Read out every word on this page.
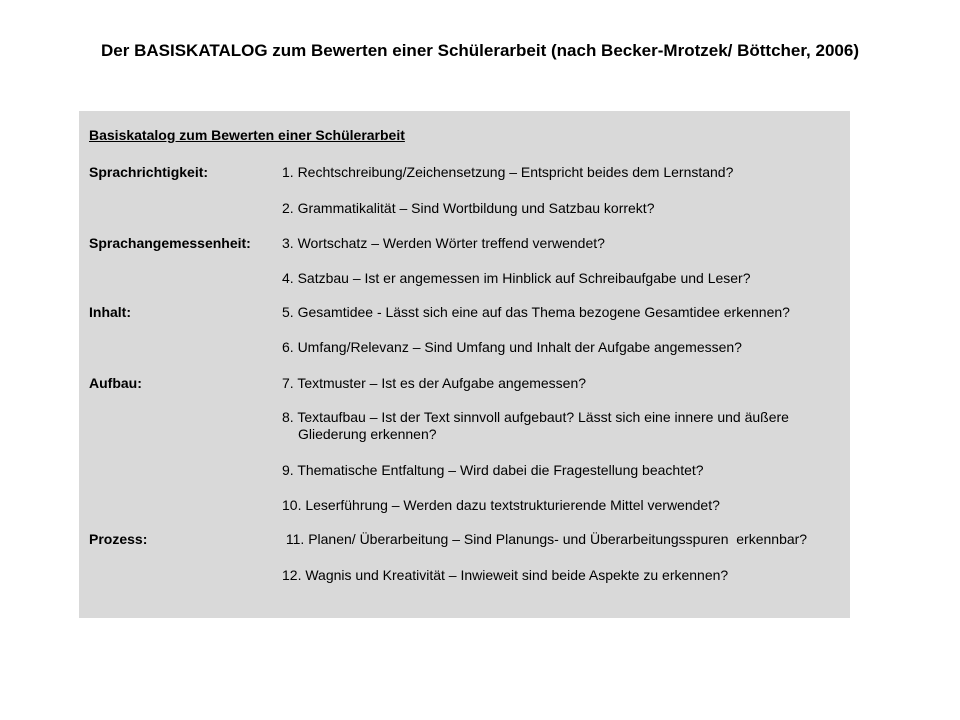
Der BASISKATALOG zum Bewerten einer Schülerarbeit (nach Becker-Mrotzek/ Böttcher, 2006)
Basiskatalog zum Bewerten einer Schülerarbeit
Sprachrichtigkeit:	1. Rechtschreibung/Zeichensetzung – Entspricht beides dem Lernstand?
2. Grammatikalität – Sind Wortbildung und Satzbau korrekt?
Sprachangemessenheit: 3. Wortschatz – Werden Wörter treffend verwendet?
4. Satzbau – Ist er angemessen im Hinblick auf Schreibaufgabe und Leser?
Inhalt:	5. Gesamtidee - Lässt sich eine auf das Thema bezogene Gesamtidee erkennen?
6. Umfang/Relevanz – Sind Umfang und Inhalt der Aufgabe angemessen?
Aufbau:	7. Textmuster – Ist es der Aufgabe angemessen?
8. Textaufbau – Ist der Text sinnvoll aufgebaut? Lässt sich eine innere und äußere
Gliederung erkennen?
9. Thematische Entfaltung – Wird dabei die Fragestellung beachtet?
10. Leserführung – Werden dazu textstrukturierende Mittel verwendet?
Prozess:	11. Planen/ Überarbeitung – Sind Planungs- und Überarbeitungsspuren  erkennbar?
12. Wagnis und Kreativität – Inwieweit sind beide Aspekte zu erkennen?
